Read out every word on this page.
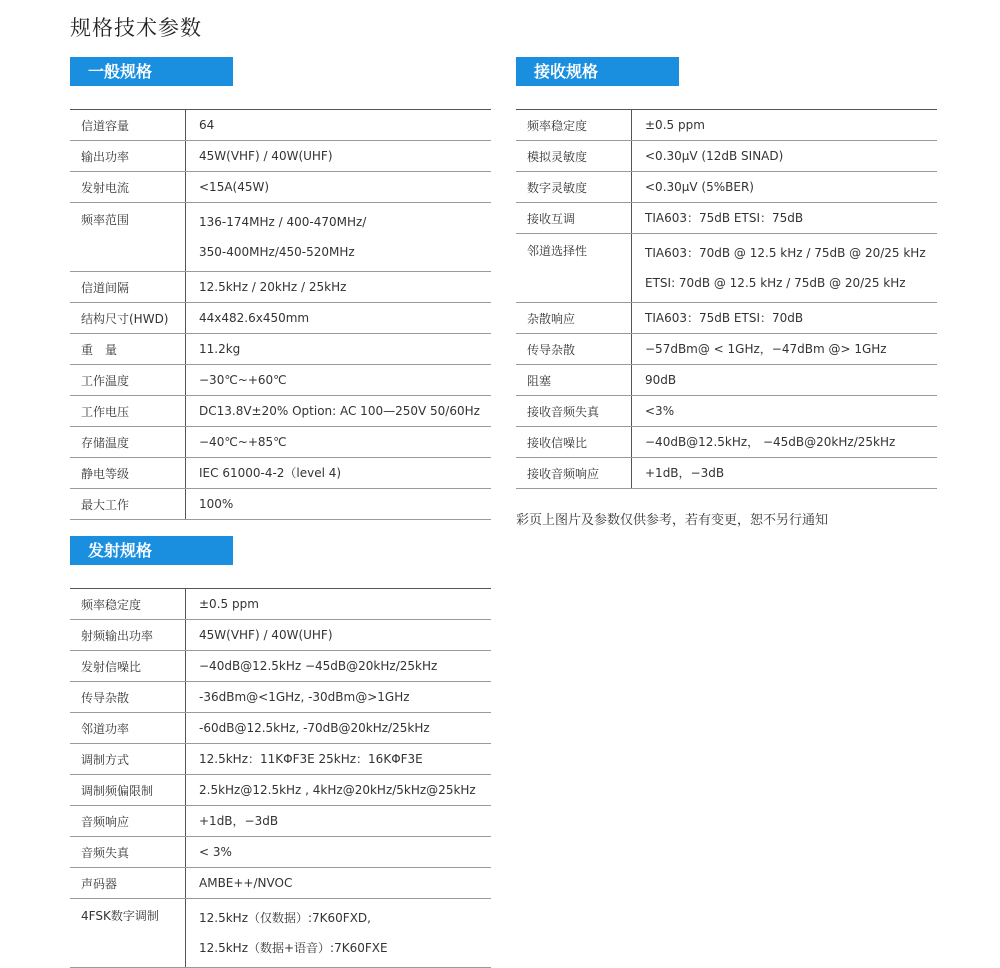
规格技术参数
一般规格
信道容量	64

输出功率	45W(VHF) / 40W(UHF)

发射电流	<15A(45W)

频率范围	136-174MHz / 400-470MHz/
350-400MHz/450-520MHz

信道间隔	12.5kHz / 20kHz / 25kHz

结构尺寸(HWD)	44x482.6x450mm

重　量	11.2kg

工作温度	−30℃~+60℃

工作电压	DC13.8V±20% Option: AC 100—250V 50/60Hz

存储温度	−40℃~+85℃

静电等级	IEC 61000-4-2（level 4)

最大工作	100%
发射规格
频率稳定度	±0.5 ppm

射频输出功率	45W(VHF) / 40W(UHF)

发射信噪比	−40dB@12.5kHz −45dB@20kHz/25kHz

传导杂散	-36dBm@<1GHz, -30dBm@>1GHz

邻道功率	-60dB@12.5kHz, -70dB@20kHz/25kHz

调制方式	12.5kHz：11KΦF3E 25kHz：16KΦF3E

调制频偏限制	2.5kHz@12.5kHz , 4kHz@20kHz/5kHz@25kHz

音频响应	+1dB，−3dB

音频失真	< 3%

声码器	AMBE++/NVOC

4FSK数字调制	12.5kHz（仅数据）:7K60FXD,
12.5kHz（数据+语音）:7K60FXE
接收规格
频率稳定度	±0.5 ppm

模拟灵敏度	<0.30μV (12dB SINAD)

数字灵敏度	<0.30μV (5%BER)

接收互调	TIA603：75dB ETSI：75dB

邻道选择性	TIA603：70dB @ 12.5 kHz / 75dB @ 20/25 kHz
ETSI: 70dB @ 12.5 kHz / 75dB @ 20/25 kHz

杂散响应	TIA603：75dB ETSI：70dB

传导杂散	−57dBm@ < 1GHz，−47dBm @> 1GHz

阻塞	90dB

接收音频失真	<3%

接收信噪比	−40dB@12.5kHz， −45dB@20kHz/25kHz

接收音频响应	+1dB，−3dB
彩页上图片及参数仅供参考，若有变更，恕不另行通知
